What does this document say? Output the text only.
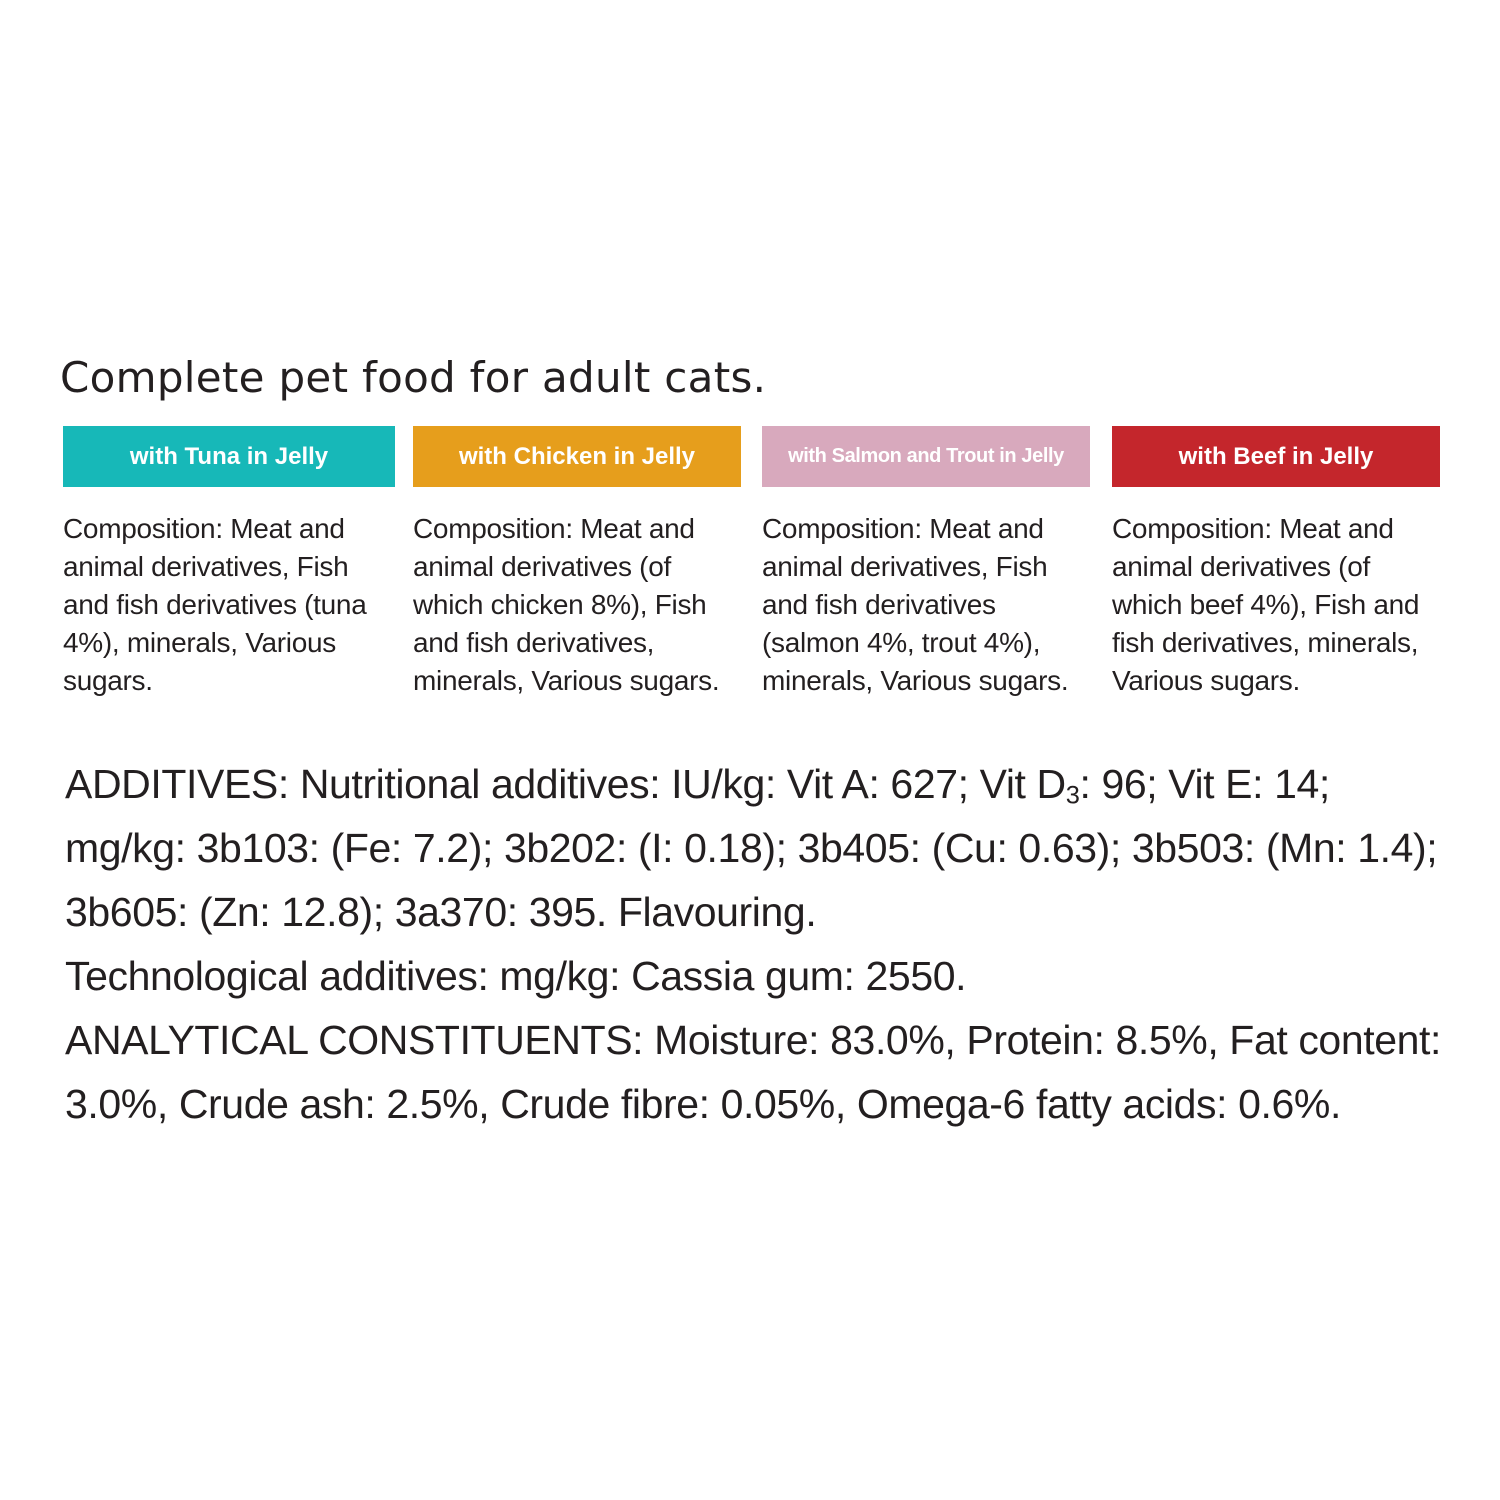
Complete pet food for adult cats.
with Tuna in Jelly
Composition: Meat and animal derivatives, Fish and fish derivatives (tuna 4%), minerals, Various sugars.
with Chicken in Jelly
Composition: Meat and animal derivatives (of which chicken 8%), Fish and fish derivatives, minerals, Various sugars.
with Salmon and Trout in Jelly
Composition: Meat and animal derivatives, Fish and fish derivatives (salmon 4%, trout 4%), minerals, Various sugars.
with Beef in Jelly
Composition: Meat and animal derivatives (of which beef 4%), Fish and fish derivatives, minerals, Various sugars.

ADDITIVES: Nutritional additives: IU/kg: Vit A: 627; Vit $D_3$: 96; Vit E: 14; mg/kg: 3b103: (Fe: 7.2); 3b202: (I: 0.18); 3b405: (Cu: 0.63); 3b503: (Mn: 1.4); 3b605: (Zn: 12.8); 3a370: 395. Flavouring.

Technological additives: mg/kg: Cassia gum: 2550.

ANALYTICAL CONSTITUENTS: Moisture: 83.0%, Protein: 8.5%, Fat content: 3.0%, Crude ash: 2.5%, Crude fibre: 0.05%, Omega-6 fatty acids: 0.6%.
